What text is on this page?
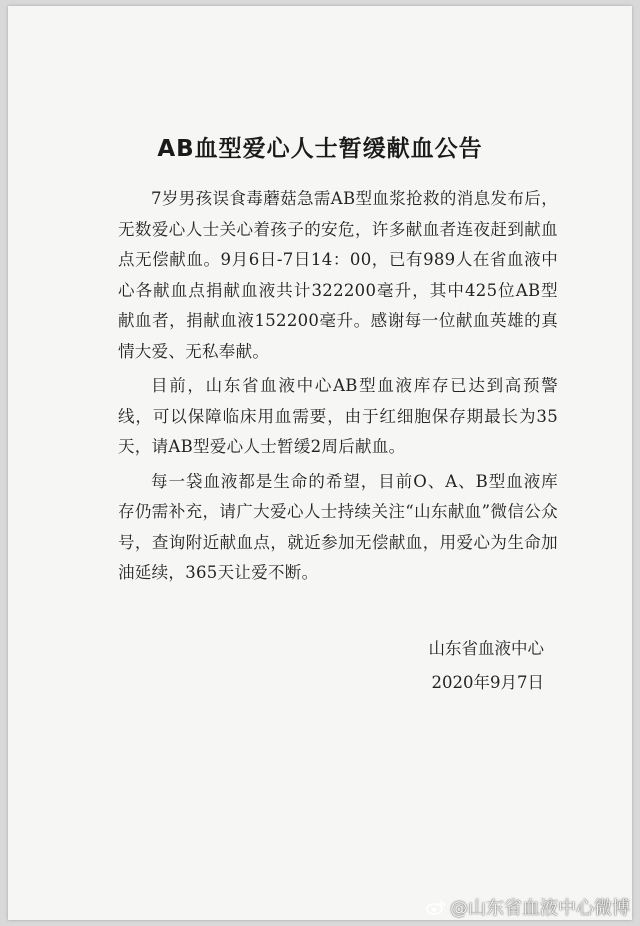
AB血型爱心人士暂缓献血公告

7岁男孩误食毒蘑菇急需AB型血浆抢救的消息发布后，无数爱心人士关心着孩子的安危，许多献血者连夜赶到献血点无偿献血。9月6日-7日14：00，已有989人在省血液中心各献血点捐献血液共计322200毫升，其中425位AB型献血者，捐献血液152200毫升。感谢每一位献血英雄的真情大爱、无私奉献。

目前，山东省血液中心AB型血液库存已达到高预警线，可以保障临床用血需要，由于红细胞保存期最长为35天，请AB型爱心人士暂缓2周后献血。

每一袋血液都是生命的希望，目前O、A、B型血液库存仍需补充，请广大爱心人士持续关注“山东献血”微信公众号，查询附近献血点，就近参加无偿献血，用爱心为生命加油延续，365天让爱不断。

山东省血液中心
2020年9月7日
@山东省血液中心微博
